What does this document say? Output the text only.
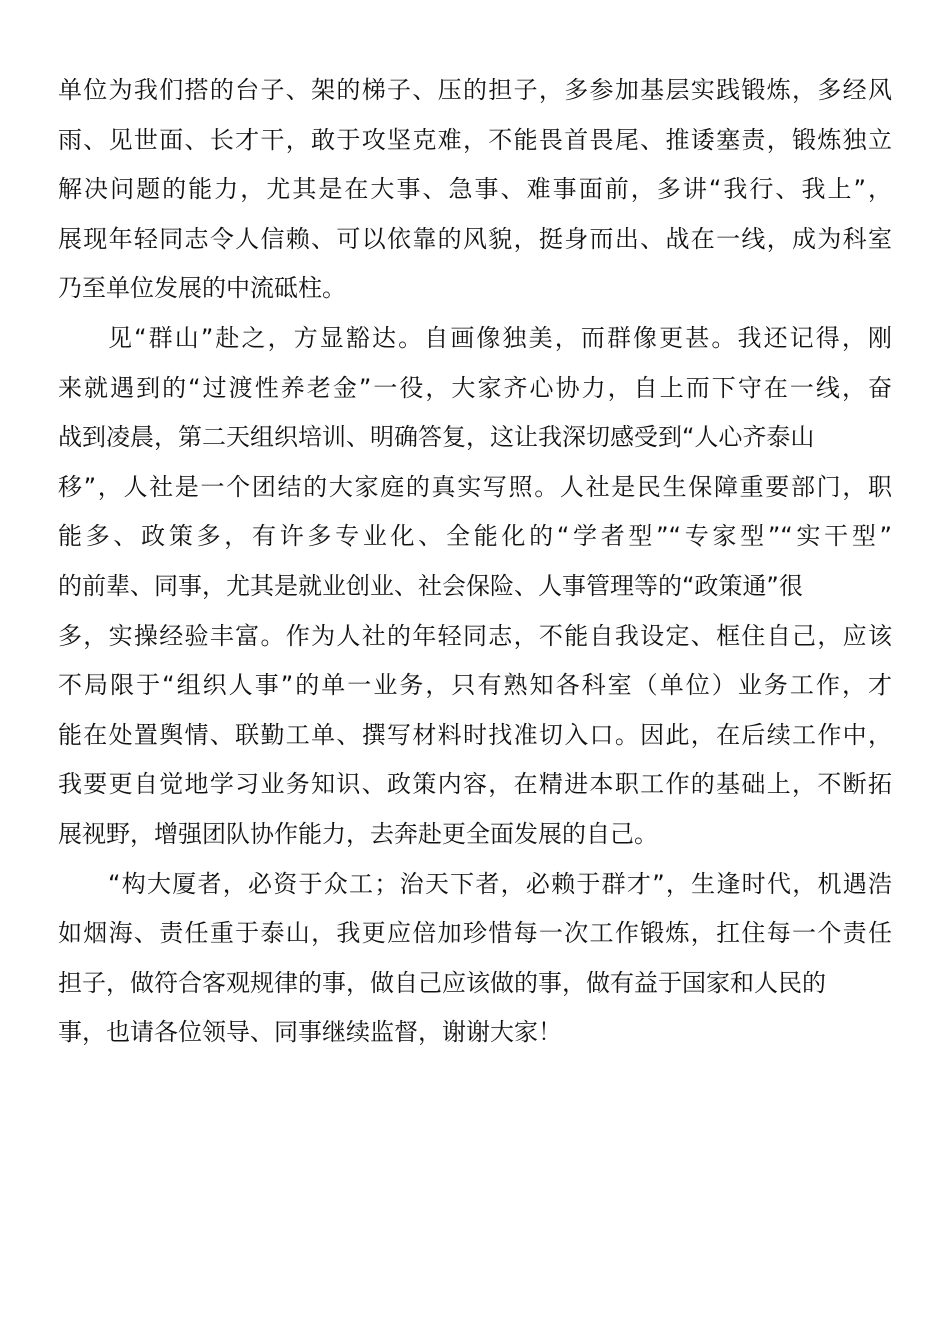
单位为我们搭的台子、架的梯子、压的担子，多参加基层实践锻炼，多经风
雨、见世面、长才干，敢于攻坚克难，不能畏首畏尾、推诿塞责，锻炼独立
解决问题的能力，尤其是在大事、急事、难事面前，多讲“我行、我上”，
展现年轻同志令人信赖、可以依靠的风貌，挺身而出、战在一线，成为科室
乃至单位发展的中流砥柱。
见“群山”赴之，方显豁达。自画像独美，而群像更甚。我还记得，刚
来就遇到的“过渡性养老金”一役，大家齐心协力，自上而下守在一线，奋
战到凌晨，第二天组织培训、明确答复，这让我深切感受到“人心齐泰山
移”，人社是一个团结的大家庭的真实写照。人社是民生保障重要部门，职
能多、政策多，有许多专业化、全能化的“学者型”“专家型”“实干型”
的前辈、同事，尤其是就业创业、社会保险、人事管理等的“政策通”很
多，实操经验丰富。作为人社的年轻同志，不能自我设定、框住自己，应该
不局限于“组织人事”的单一业务，只有熟知各科室（单位）业务工作，才
能在处置舆情、联勤工单、撰写材料时找准切入口。因此，在后续工作中，
我要更自觉地学习业务知识、政策内容，在精进本职工作的基础上，不断拓
展视野，增强团队协作能力，去奔赴更全面发展的自己。
“构大厦者，必资于众工；治天下者，必赖于群才”，生逢时代，机遇浩
如烟海、责任重于泰山，我更应倍加珍惜每一次工作锻炼，扛住每一个责任
担子，做符合客观规律的事，做自己应该做的事，做有益于国家和人民的
事，也请各位领导、同事继续监督，谢谢大家！
